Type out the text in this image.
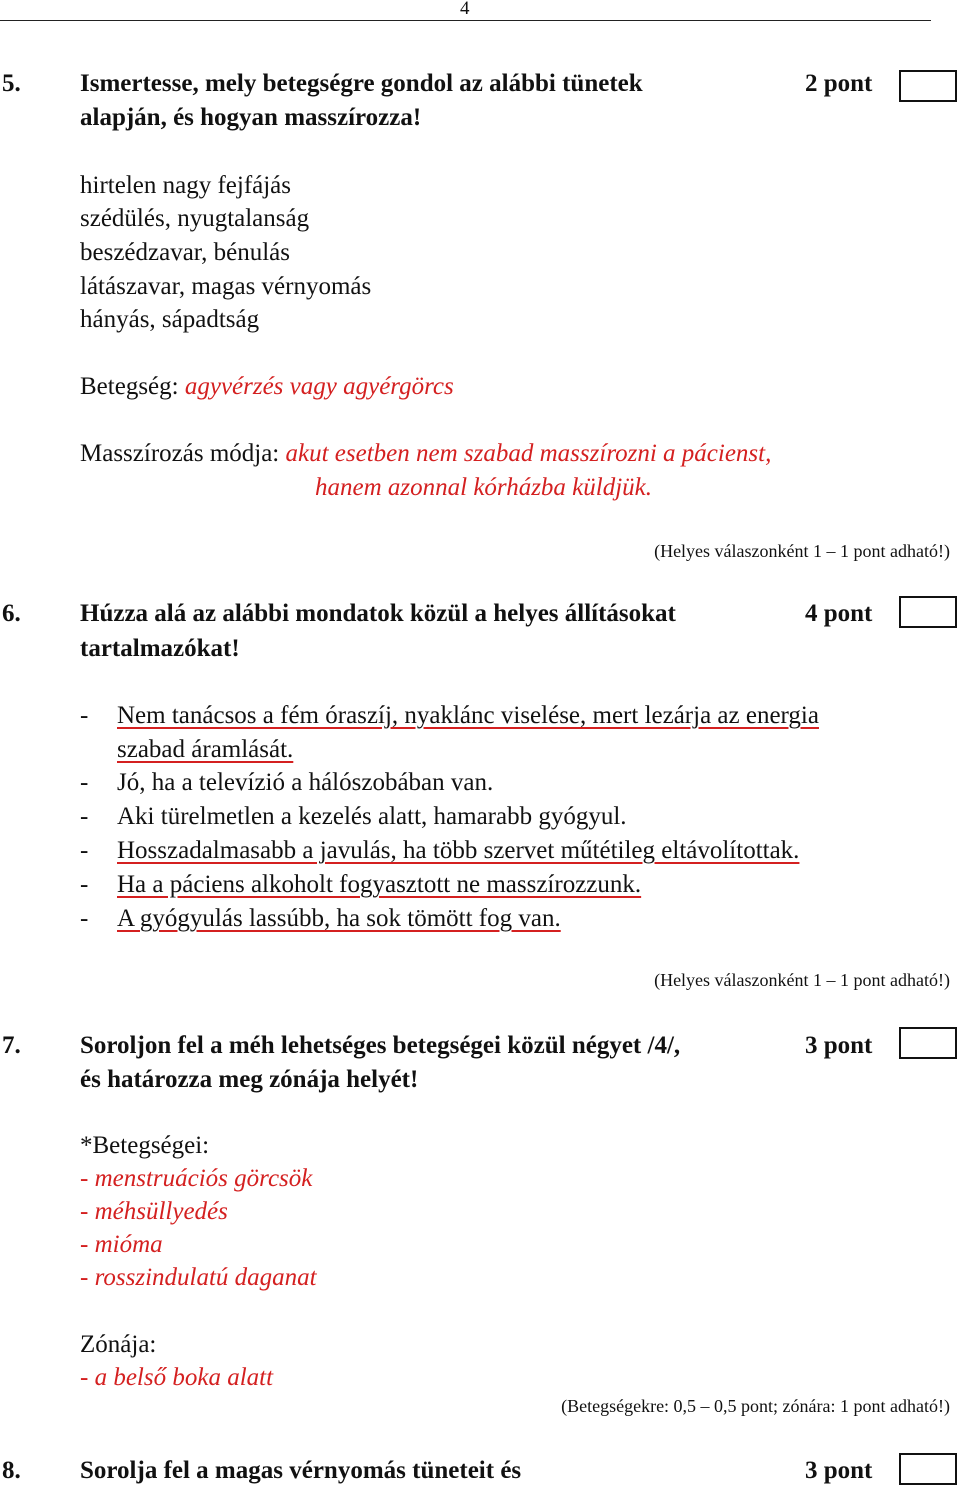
4
5. Ismertesse, mely betegségre gondol az alábbi tünetek
alapján, és hogyan masszírozza!
2 pont
hirtelen nagy fejfájás
szédülés, nyugtalanság
beszédzavar, bénulás
látászavar, magas vérnyomás
hányás, sápadtság
Betegség: agyvérzés vagy agyérgörcs
Masszírozás módja: akut esetben nem szabad masszírozni a pácienst,
hanem azonnal kórházba küldjük.
(Helyes válaszonként 1 – 1 pont adható!)
6. Húzza alá az alábbi mondatok közül a helyes állításokat
tartalmazókat!
4 pont
- Nem tanácsos a fém óraszíj, nyaklánc viselése, mert lezárja az energia
szabad áramlását.
- Jó, ha a televízió a hálószobában van.
- Aki türelmetlen a kezelés alatt, hamarabb gyógyul.
- Hosszadalmasabb a javulás, ha több szervet műtétileg eltávolítottak.
- Ha a páciens alkoholt fogyasztott ne masszírozzunk.
- A gyógyulás lassúbb, ha sok tömött fog van.
(Helyes válaszonként 1 – 1 pont adható!)
7. Soroljon fel a méh lehetséges betegségei közül négyet /4/,
és határozza meg zónája helyét!
3 pont
*Betegségei:
- menstruációs görcsök
- méhsüllyedés
- mióma
- rosszindulatú daganat
Zónája:
- a belső boka alatt
(Betegségekre: 0,5 – 0,5 pont; zónára: 1 pont adható!)
8. Sorolja fel a magas vérnyomás tüneteit és	3 pont
